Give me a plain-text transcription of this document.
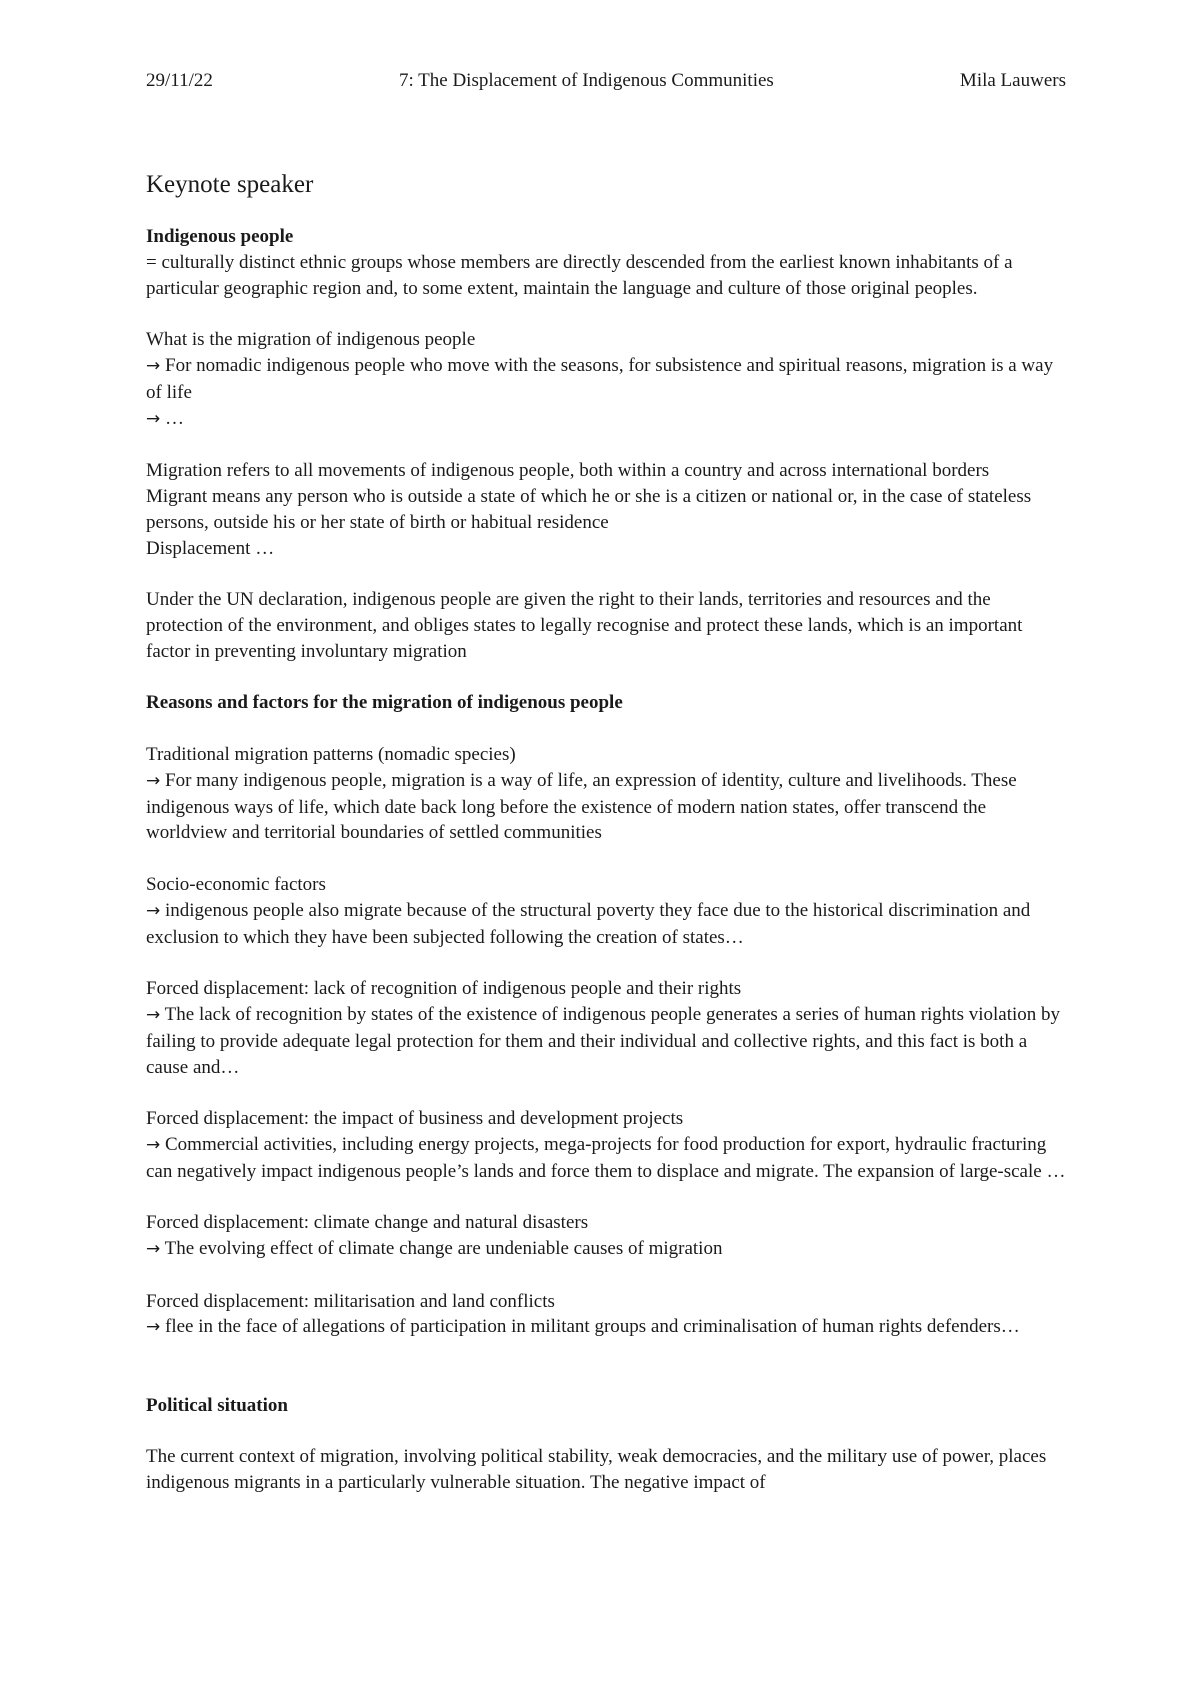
29/11/22	7: The Displacement of Indigenous Communities	Mila Lauwers
Keynote speaker

Indigenous people

= culturally distinct ethnic groups whose members are directly descended from the earliest known inhabitants of a particular geographic region and, to some extent, maintain the language and culture of those original peoples.

What is the migration of indigenous people

→ For nomadic indigenous people who move with the seasons, for subsistence and spiritual reasons, migration is a way of life

→ …

Migration refers to all movements of indigenous people, both within a country and across international borders

Migrant means any person who is outside a state of which he or she is a citizen or national or, in the case of stateless persons, outside his or her state of birth or habitual residence

Displacement …

Under the UN declaration, indigenous people are given the right to their lands, territories and resources and the protection of the environment, and obliges states to legally recognise and protect these lands, which is an important factor in preventing involuntary migration

Reasons and factors for the migration of indigenous people

Traditional migration patterns (nomadic species)

→ For many indigenous people, migration is a way of life, an expression of identity, culture and livelihoods. These indigenous ways of life, which date back long before the existence of modern nation states, offer transcend the worldview and territorial boundaries of settled communities

Socio-economic factors

→ indigenous people also migrate because of the structural poverty they face due to the historical discrimination and exclusion to which they have been subjected following the creation of states…

Forced displacement: lack of recognition of indigenous people and their rights

→ The lack of recognition by states of the existence of indigenous people generates a series of human rights violation by failing to provide adequate legal protection for them and their individual and collective rights, and this fact is both a cause and…

Forced displacement: the impact of business and development projects

→ Commercial activities, including energy projects, mega-projects for food production for export, hydraulic fracturing can negatively impact indigenous people’s lands and force them to displace and migrate. The expansion of large-scale …

Forced displacement: climate change and natural disasters

→ The evolving effect of climate change are undeniable causes of migration

Forced displacement: militarisation and land conflicts

→ flee in the face of allegations of participation in militant groups and criminalisation of human rights defenders…

Political situation

The current context of migration, involving political stability, weak democracies, and the military use of power, places indigenous migrants in a particularly vulnerable situation. The negative impact of
